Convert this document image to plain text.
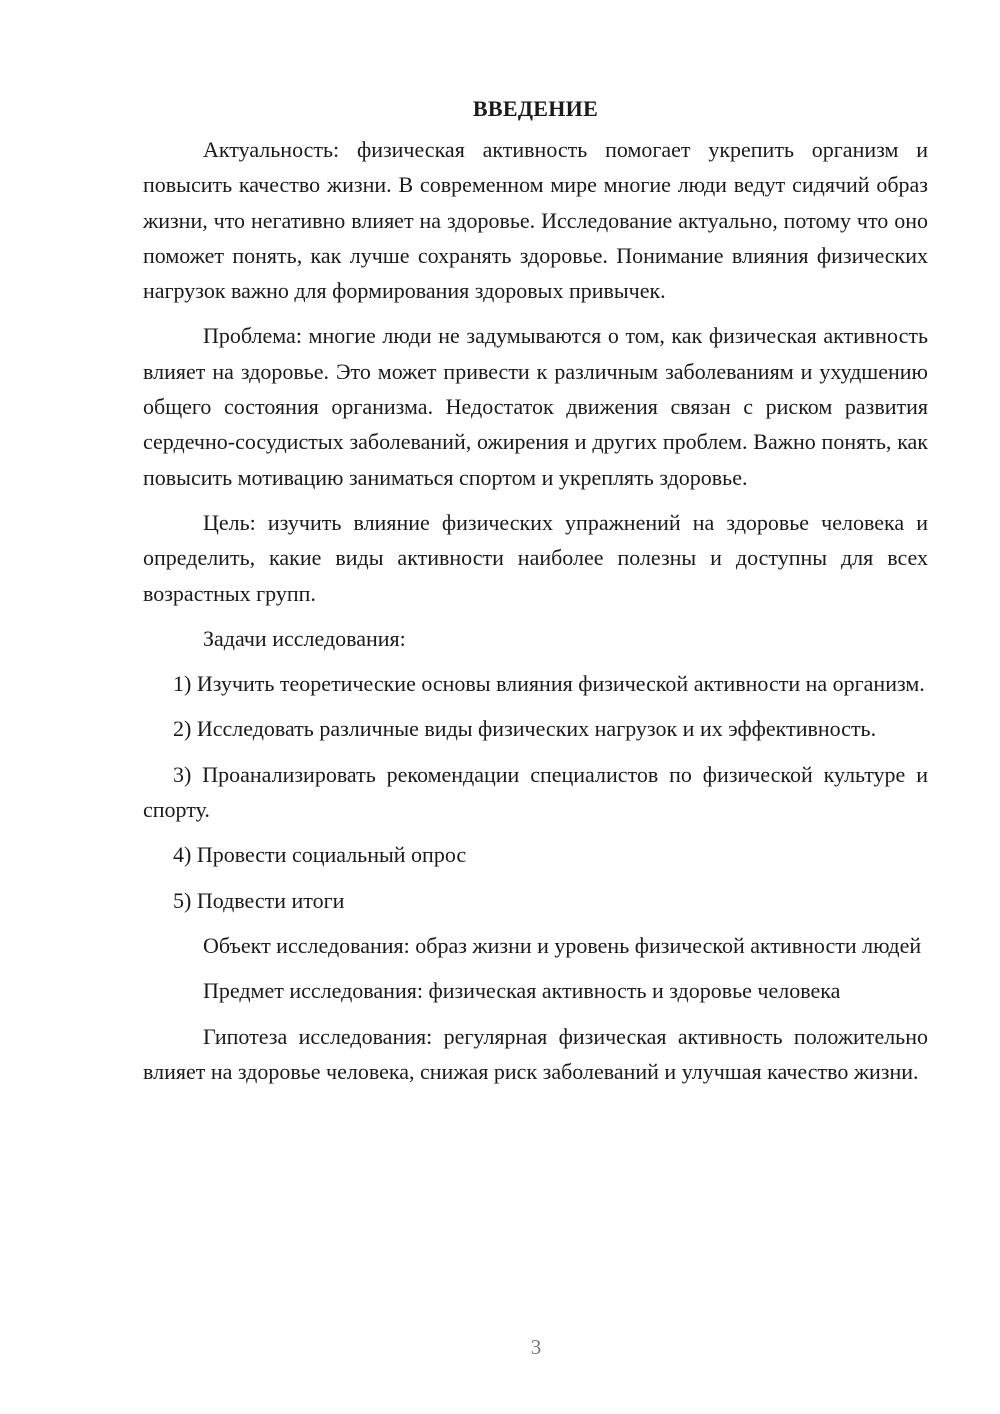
ВВЕДЕНИЕ

Актуальность: физическая активность помогает укрепить организм и повысить качество жизни. В современном мире многие люди ведут сидячий образ жизни, что негативно влияет на здоровье. Исследование актуально, потому что оно поможет понять, как лучше сохранять здоровье. Понимание влияния физических нагрузок важно для формирования здоровых привычек.

Проблема: многие люди не задумываются о том, как физическая активность влияет на здоровье. Это может привести к различным заболеваниям и ухудшению общего состояния организма. Недостаток движения связан с риском развития сердечно-сосудистых заболеваний, ожирения и других проблем. Важно понять, как повысить мотивацию заниматься спортом и укреплять здоровье.

Цель: изучить влияние физических упражнений на здоровье человека и определить, какие виды активности наиболее полезны и доступны для всех возрастных групп.

Задачи исследования:

1) Изучить теоретические основы влияния физической активности на организм.

2) Исследовать различные виды физических нагрузок и их эффективность.

3) Проанализировать рекомендации специалистов по физической культуре и спорту.

4) Провести социальный опрос

5) Подвести итоги

Объект исследования: образ жизни и уровень физической активности людей

Предмет исследования: физическая активность и здоровье человека

Гипотеза исследования: регулярная физическая активность положительно влияет на здоровье человека, снижая риск заболеваний и улучшая качество жизни.

3
